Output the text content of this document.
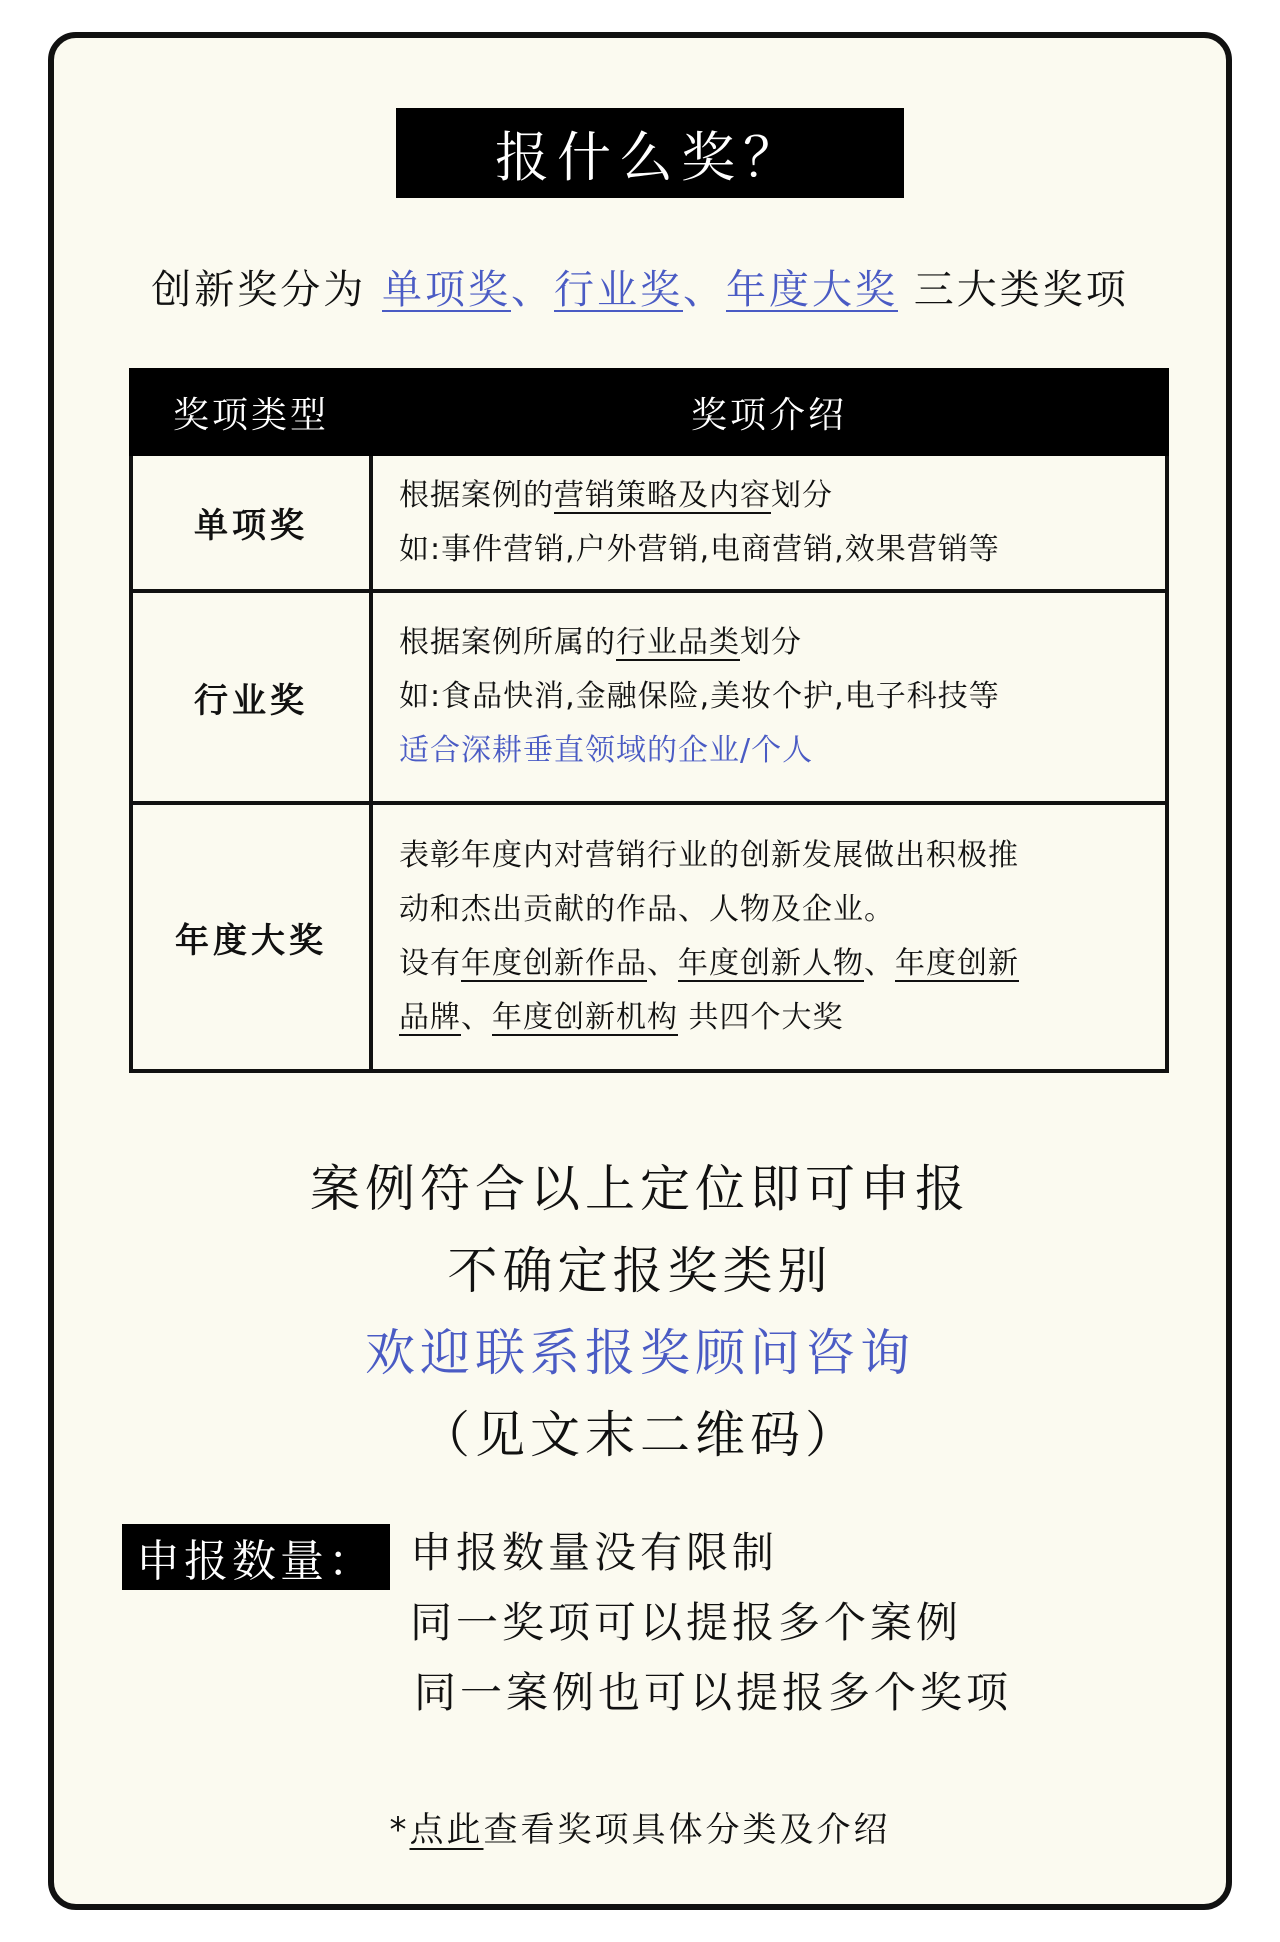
报什么奖？
创新奖分为 单项奖、行业奖、年度大奖 三大类奖项
奖项类型	奖项介绍
单项奖	根据案例的营销策略及内容划分
如:事件营销,户外营销,电商营销,效果营销等

行业奖	根据案例所属的行业品类划分
如:食品快消,金融保险,美妆个护,电子科技等
适合深耕垂直领域的企业/个人

年度大奖	表彰年度内对营销行业的创新发展做出积极推
动和杰出贡献的作品、人物及企业。
设有年度创新作品、年度创新人物、年度创新
品牌、年度创新机构 共四个大奖
案例符合以上定位即可申报
不确定报奖类别
欢迎联系报奖顾问咨询
（见文末二维码）
申报数量： 申报数量没有限制
同一奖项可以提报多个案例
同一案例也可以提报多个奖项
*点此查看奖项具体分类及介绍
